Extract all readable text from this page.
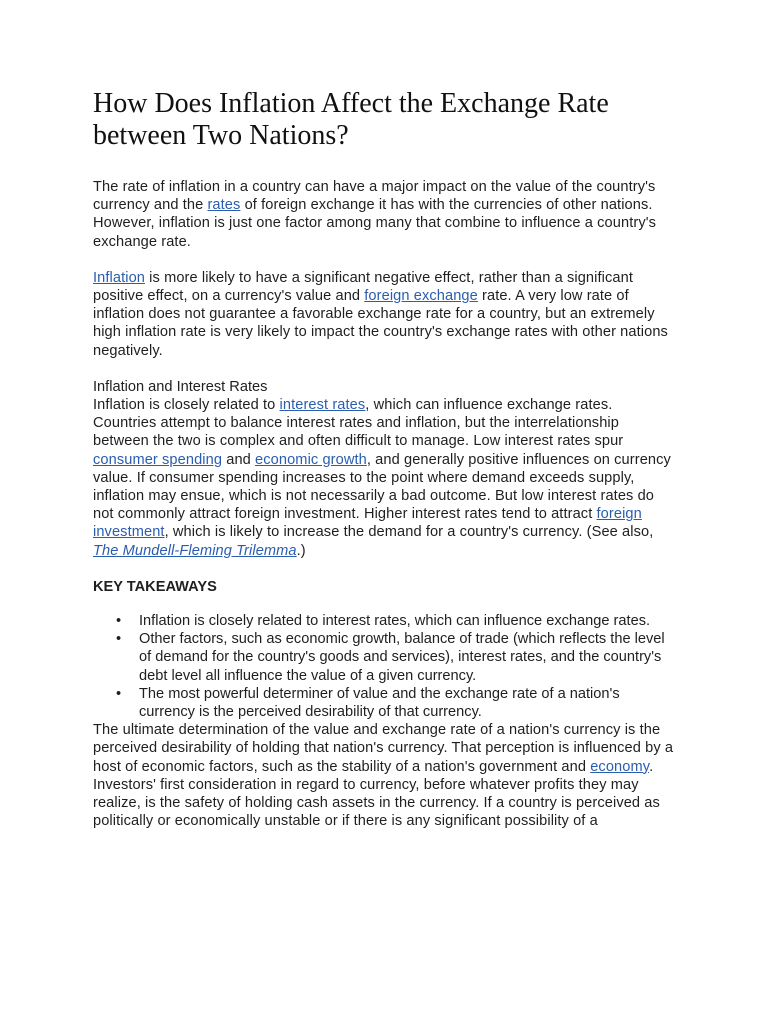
How Does Inflation Affect the Exchange Rate between Two Nations?

The rate of inflation in a country can have a major impact on the value of the country's currency and the rates of foreign exchange it has with the currencies of other nations. However, inflation is just one factor among many that combine to influence a country's exchange rate.

Inflation is more likely to have a significant negative effect, rather than a significant positive effect, on a currency's value and foreign exchange rate. A very low rate of inflation does not guarantee a favorable exchange rate for a country, but an extremely high inflation rate is very likely to impact the country's exchange rates with other nations negatively.

Inflation and Interest Rates

Inflation is closely related to interest rates, which can influence exchange rates. Countries attempt to balance interest rates and inflation, but the interrelationship between the two is complex and often difficult to manage. Low interest rates spur consumer spending and economic growth, and generally positive influences on currency value. If consumer spending increases to the point where demand exceeds supply, inflation may ensue, which is not necessarily a bad outcome. But low interest rates do not commonly attract foreign investment. Higher interest rates tend to attract foreign investment, which is likely to increase the demand for a country's currency. (See also, The Mundell-Fleming Trilemma.)

KEY TAKEAWAYS
• Inflation is closely related to interest rates, which can influence exchange rates.
• Other factors, such as economic growth, balance of trade (which reflects the level of demand for the country's goods and services), interest rates, and the country's debt level all influence the value of a given currency.
• The most powerful determiner of value and the exchange rate of a nation's currency is the perceived desirability of that currency.

The ultimate determination of the value and exchange rate of a nation's currency is the perceived desirability of holding that nation's currency. That perception is influenced by a host of economic factors, such as the stability of a nation's government and economy. Investors' first consideration in regard to currency, before whatever profits they may realize, is the safety of holding cash assets in the currency. If a country is perceived as politically or economically unstable or if there is any significant possibility of a
